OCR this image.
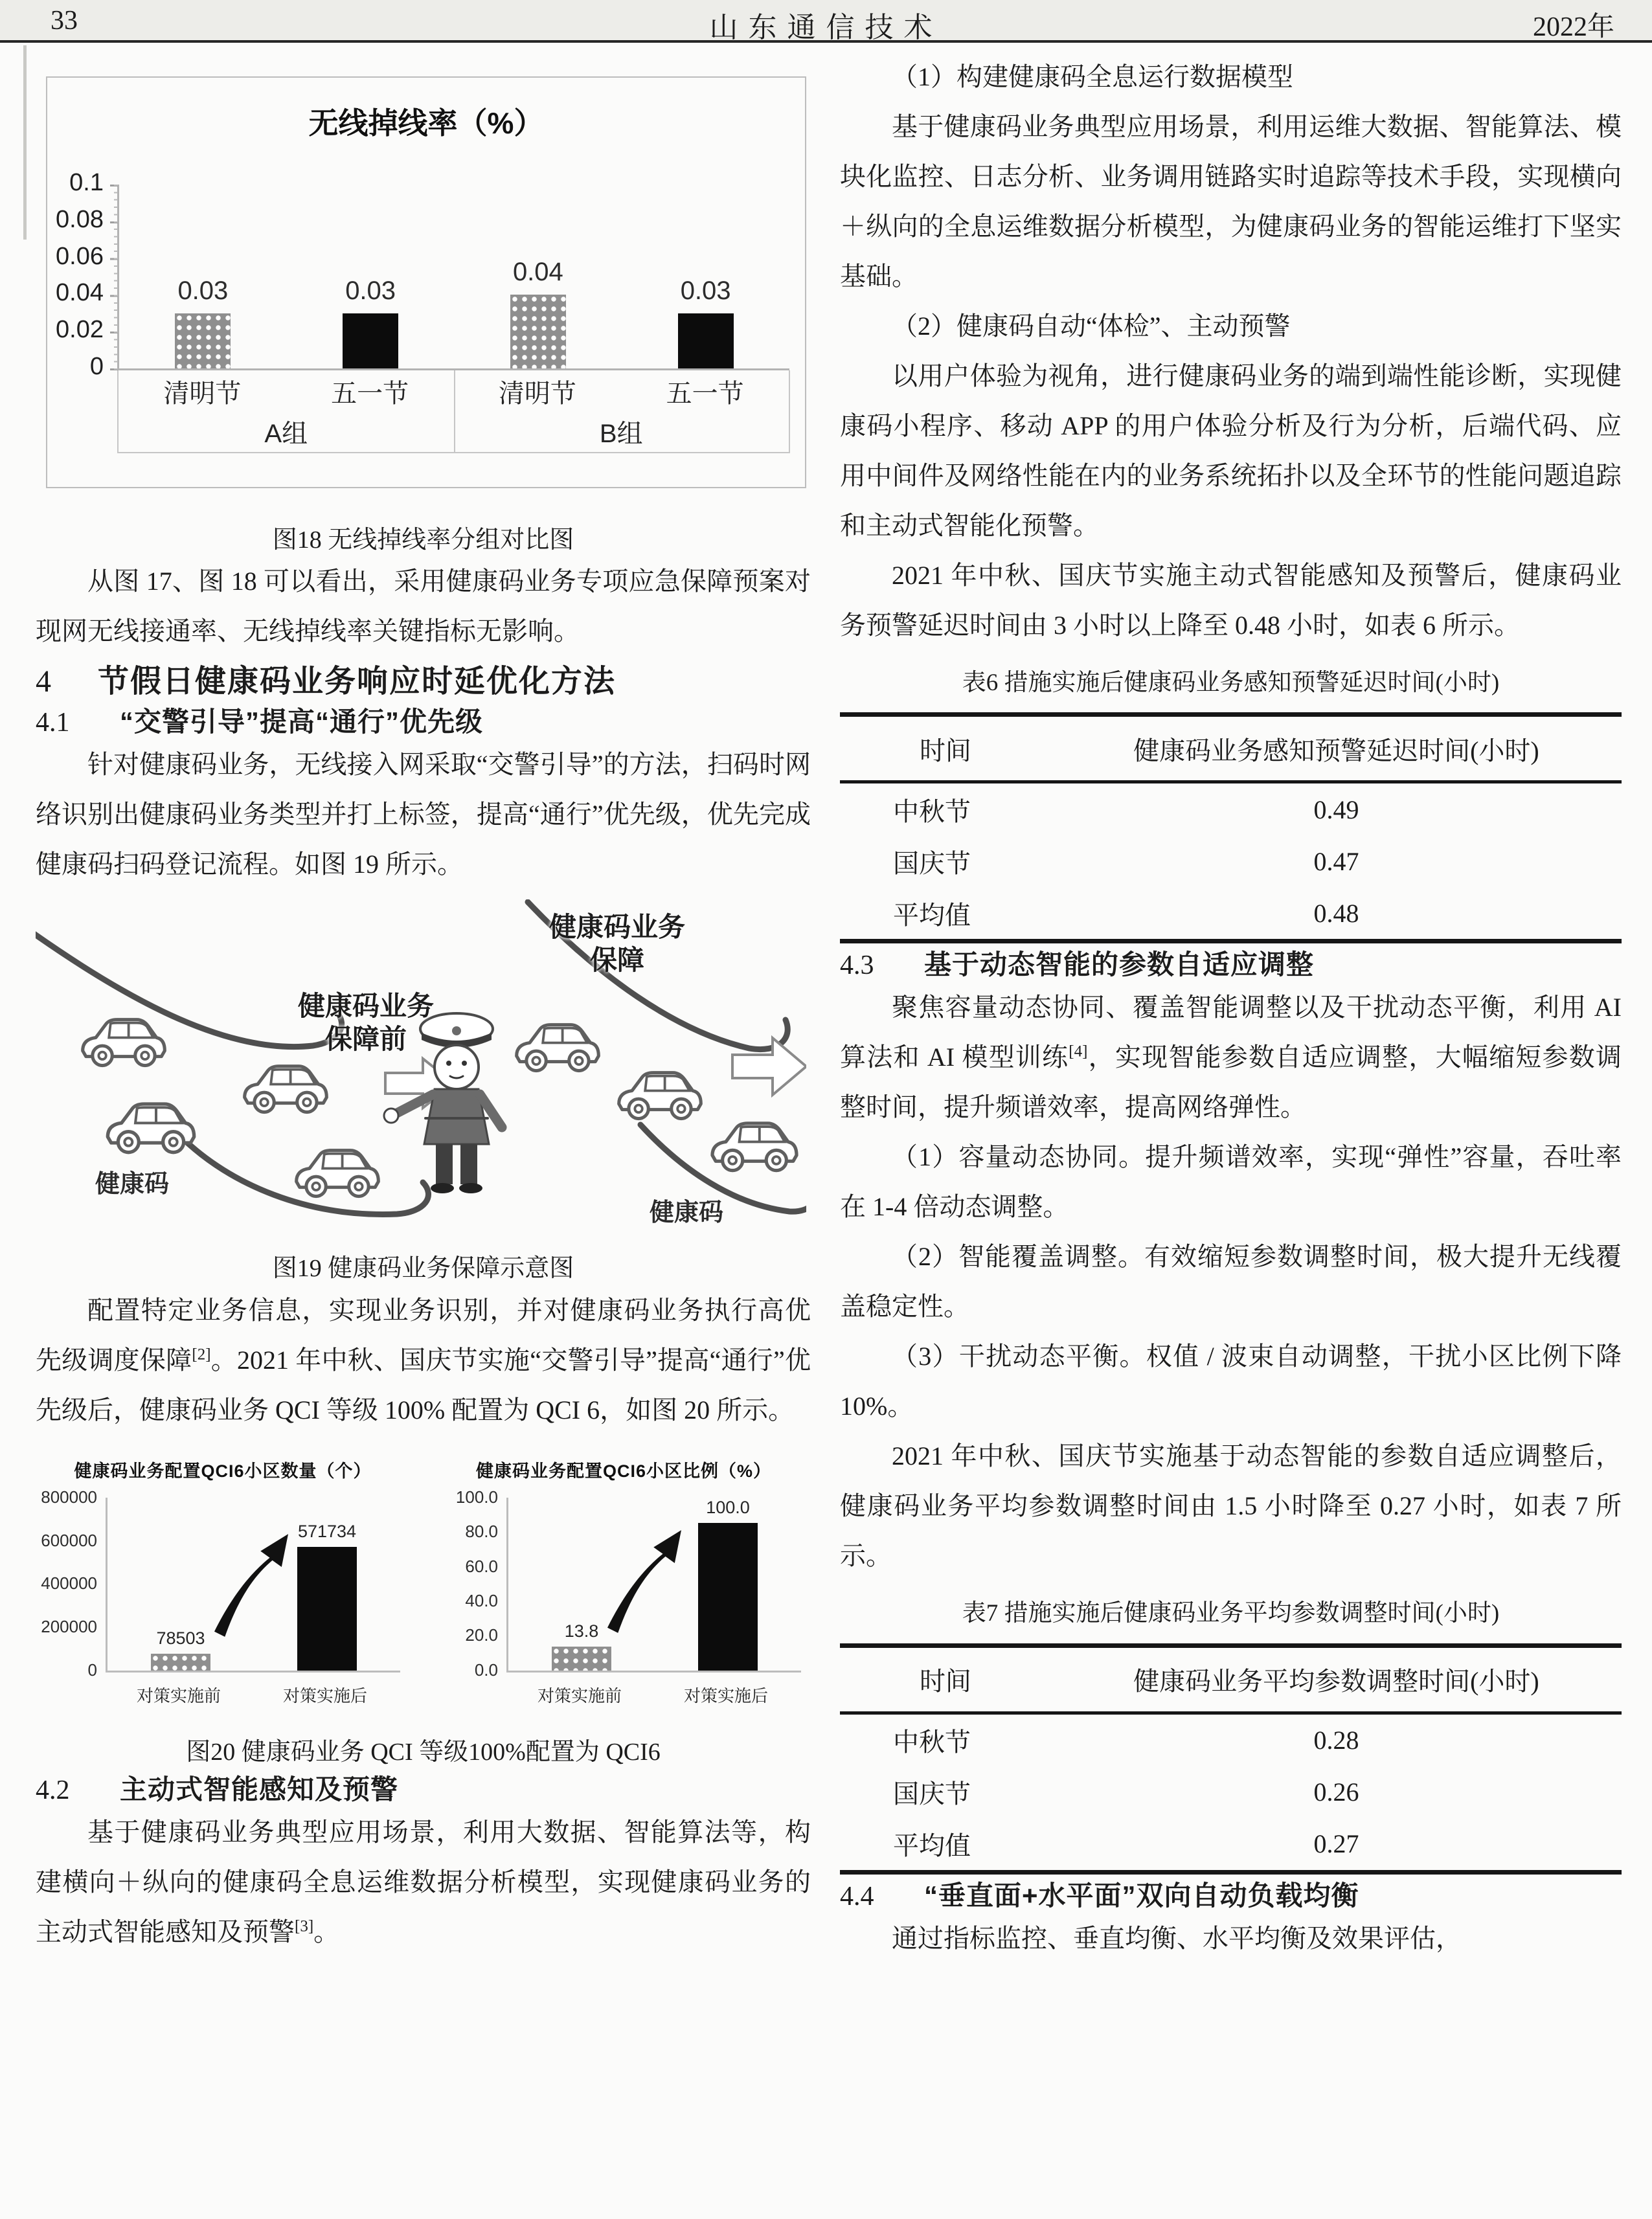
33	山东通信技术	2022年
无线掉线率（%）
0.1
0.08
0.06
0.04
0.02
0
0.03	0.03
0.04
0.03
清明节	五一节	清明节	五一节
A组	B组

图18 无线掉线率分组对比图

从图 17、图 18 可以看出，采用健康码业务专项应急保障预案对现网无线接通率、无线掉线率关键指标无影响。

4	节假日健康码业务响应时延优化方法
4.1	“交警引导”提高“通行”优先级

针对健康码业务，无线接入网采取“交警引导”的方法，扫码时网络识别出健康码业务类型并打上标签，提高“通行”优先级，优先完成健康码扫码登记流程。如图 19 所示。

健康码业务
保障前
健康码业务
保障
健康码
健康码

图19 健康码业务保障示意图

配置特定业务信息，实现业务识别，并对健康码业务执行高优先级调度保障[2]。2021 年中秋、国庆节实施“交警引导”提高“通行”优先级后，健康码业务 QCI 等级 100% 配置为 QCI 6，如图 20 所示。

健康码业务配置QCI6小区数量（个）
800000
600000
400000
200000
0
78503
571734
对策实施前	对策实施后
健康码业务配置QCI6小区比例（%）
100.0
80.0
60.0
40.0
20.0
0.0
13.8
100.0
对策实施前	对策实施后

图20 健康码业务 QCI 等级100%配置为 QCI6

4.2	主动式智能感知及预警

基于健康码业务典型应用场景，利用大数据、智能算法等，构建横向＋纵向的健康码全息运维数据分析模型，实现健康码业务的主动式智能感知及预警[3]。

（1）构建健康码全息运行数据模型

基于健康码业务典型应用场景，利用运维大数据、智能算法、模块化监控、日志分析、业务调用链路实时追踪等技术手段，实现横向＋纵向的全息运维数据分析模型，为健康码业务的智能运维打下坚实基础。

（2）健康码自动“体检”、主动预警

以用户体验为视角，进行健康码业务的端到端性能诊断，实现健康码小程序、移动 APP 的用户体验分析及行为分析，后端代码、应用中间件及网络性能在内的业务系统拓扑以及全环节的性能问题追踪和主动式智能化预警。

2021 年中秋、国庆节实施主动式智能感知及预警后，健康码业务预警延迟时间由 3 小时以上降至 0.48 小时，如表 6 所示。

表6 措施实施后健康码业务感知预警延迟时间(小时)

时间	健康码业务感知预警延迟时间(小时)
中秋节	0.49
国庆节	0.47
平均值	0.48
4.3	基于动态智能的参数自适应调整

聚焦容量动态协同、覆盖智能调整以及干扰动态平衡，利用 AI 算法和 AI 模型训练[4]，实现智能参数自适应调整，大幅缩短参数调整时间，提升频谱效率，提高网络弹性。

（1）容量动态协同。提升频谱效率，实现“弹性”容量，吞吐率在 1-4 倍动态调整。

（2）智能覆盖调整。有效缩短参数调整时间，极大提升无线覆盖稳定性。

（3）干扰动态平衡。权值 / 波束自动调整，干扰小区比例下降 10%。

2021 年中秋、国庆节实施基于动态智能的参数自适应调整后，健康码业务平均参数调整时间由 1.5 小时降至 0.27 小时，如表 7 所示。

表7 措施实施后健康码业务平均参数调整时间(小时)

时间	健康码业务平均参数调整时间(小时)
中秋节	0.28
国庆节	0.26
平均值	0.27
4.4	“垂直面+水平面”双向自动负载均衡

通过指标监控、垂直均衡、水平均衡及效果评估，
